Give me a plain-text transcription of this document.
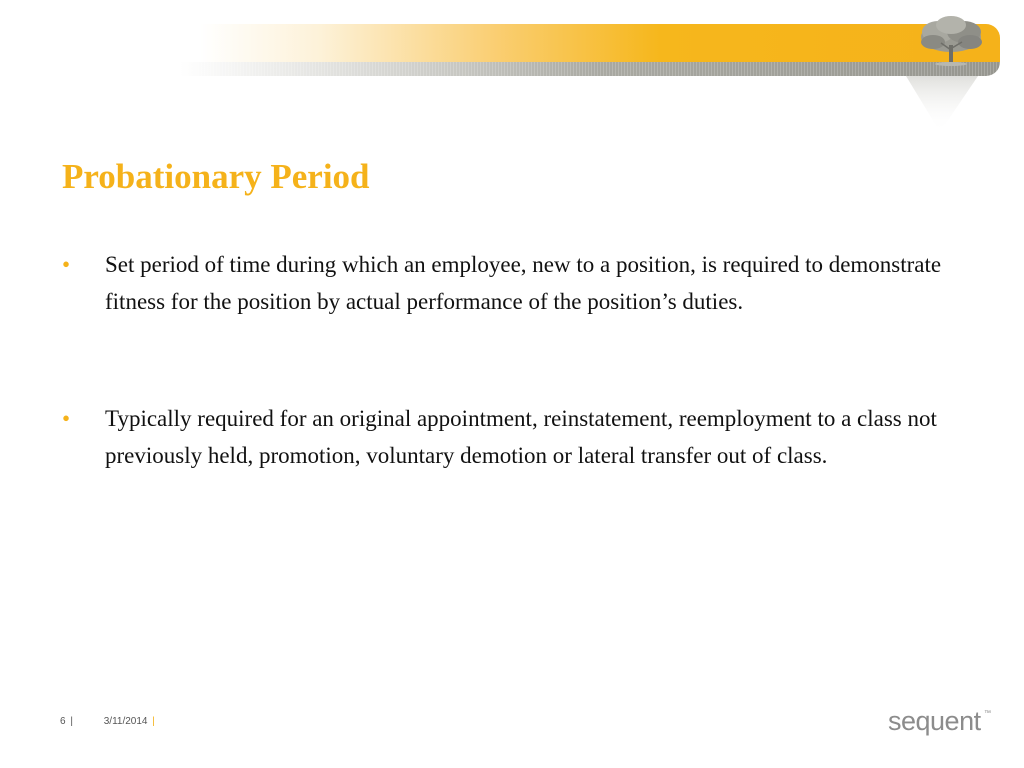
Probationary Period
• Set period of time during which an employee, new to a position, is required to demonstrate fitness for the position by actual performance of the position’s duties.
• Typically required for an original appointment, reinstatement, reemployment to a class not previously held, promotion, voluntary demotion or lateral transfer out of class.
6 |	3/11/2014 |	sequent ™
